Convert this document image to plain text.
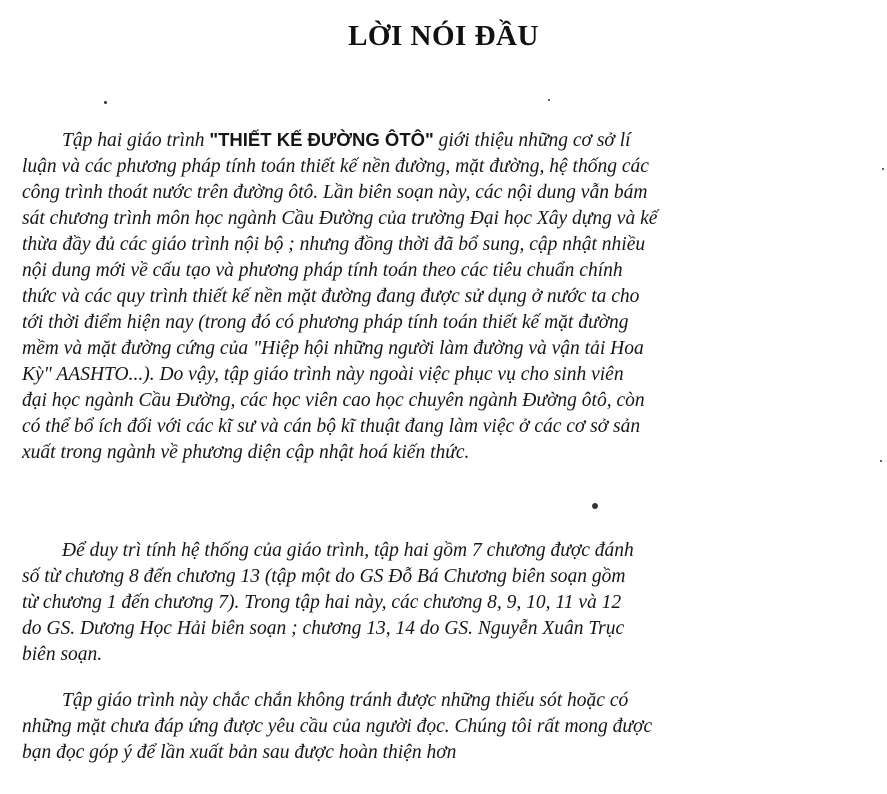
LỜI NÓI ĐẦU
Tập hai giáo trình "THIẾT KẾ ĐƯỜNG ÔTÔ" giới thiệu những cơ sở lí
luận và các phương pháp tính toán thiết kế nền đường, mặt đường, hệ thống các
công trình thoát nước trên đường ôtô. Lần biên soạn này, các nội dung vẫn bám
sát chương trình môn học ngành Cầu Đường của trường Đại học Xây dựng và kế
thừa đầy đủ các giáo trình nội bộ ; nhưng đồng thời đã bổ sung, cập nhật nhiều
nội dung mới về cấu tạo và phương pháp tính toán theo các tiêu chuẩn chính
thức và các quy trình thiết kế nền mặt đường đang được sử dụng ở nước ta cho
tới thời điểm hiện nay (trong đó có phương pháp tính toán thiết kế mặt đường
mềm và mặt đường cứng của "Hiệp hội những người làm đường và vận tải Hoa
Kỳ" AASHTO...). Do vậy, tập giáo trình này ngoài việc phục vụ cho sinh viên
đại học ngành Cầu Đường, các học viên cao học chuyên ngành Đường ôtô, còn
có thể bổ ích đối với các kĩ sư và cán bộ kĩ thuật đang làm việc ở các cơ sở sản
xuất trong ngành về phương diện cập nhật hoá kiến thức.
Để duy trì tính hệ thống của giáo trình, tập hai gồm 7 chương được đánh
số từ chương 8 đến chương 13 (tập một do GS Đỗ Bá Chương biên soạn gồm
từ chương 1 đến chương 7). Trong tập hai này, các chương 8, 9, 10, 11 và 12
do GS. Dương Học Hải biên soạn ; chương 13, 14 do GS. Nguyễn Xuân Trục
biên soạn.
Tập giáo trình này chắc chắn không tránh được những thiếu sót hoặc có
những mặt chưa đáp ứng được yêu cầu của người đọc. Chúng tôi rất mong được
bạn đọc góp ý để lần xuất bản sau được hoàn thiện hơn
